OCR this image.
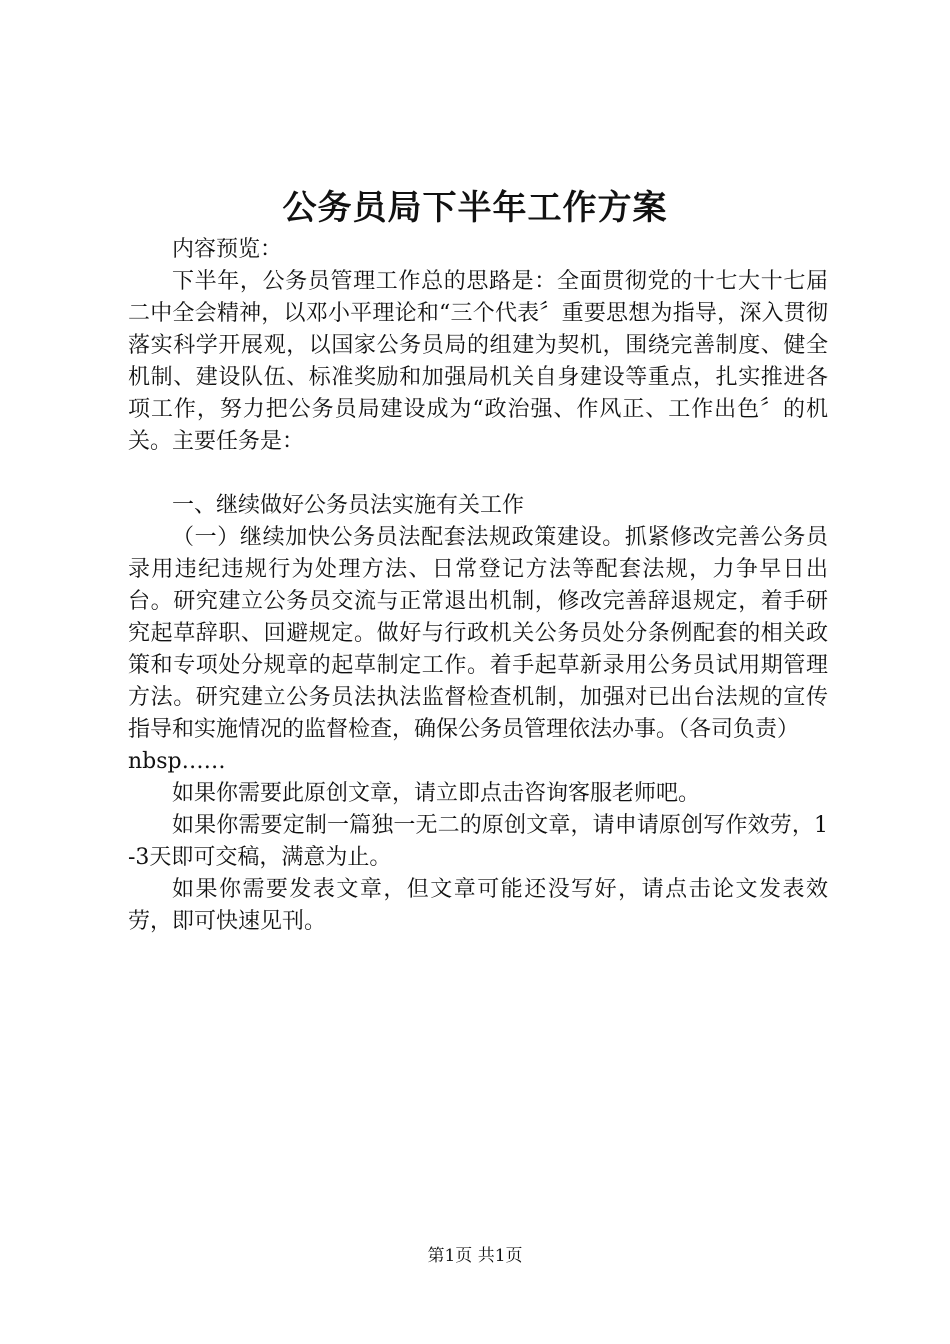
公务员局下半年工作方案

内容预览：

下半年，公务员管理工作总的思路是：全面贯彻党的十七大十七届二中全会精神，以邓小平理论和“三个代表〞重要思想为指导，深入贯彻落实科学开展观，以国家公务员局的组建为契机，围绕完善制度、健全机制、建设队伍、标准奖励和加强局机关自身建设等重点，扎实推进各项工作，努力把公务员局建设成为“政治强、作风正、工作出色〞的机关。主要任务是：

一、继续做好公务员法实施有关工作

（一）继续加快公务员法配套法规政策建设。抓紧修改完善公务员录用违纪违规行为处理方法、日常登记方法等配套法规，力争早日出台。研究建立公务员交流与正常退出机制，修改完善辞退规定，着手研究起草辞职、回避规定。做好与行政机关公务员处分条例配套的相关政策和专项处分规章的起草制定工作。着手起草新录用公务员试用期管理方法。研究建立公务员法执法监督检查机制，加强对已出台法规的宣传指导和实施情况的监督检查，确保公务员管理依法办事。（各司负责）

nbsp……

如果你需要此原创文章，请立即点击咨询客服老师吧。

如果你需要定制一篇独一无二的原创文章，请申请原创写作效劳，1-3天即可交稿，满意为止。

如果你需要发表文章，但文章可能还没写好，请点击论文发表效劳，即可快速见刊。

第1页 共1页
